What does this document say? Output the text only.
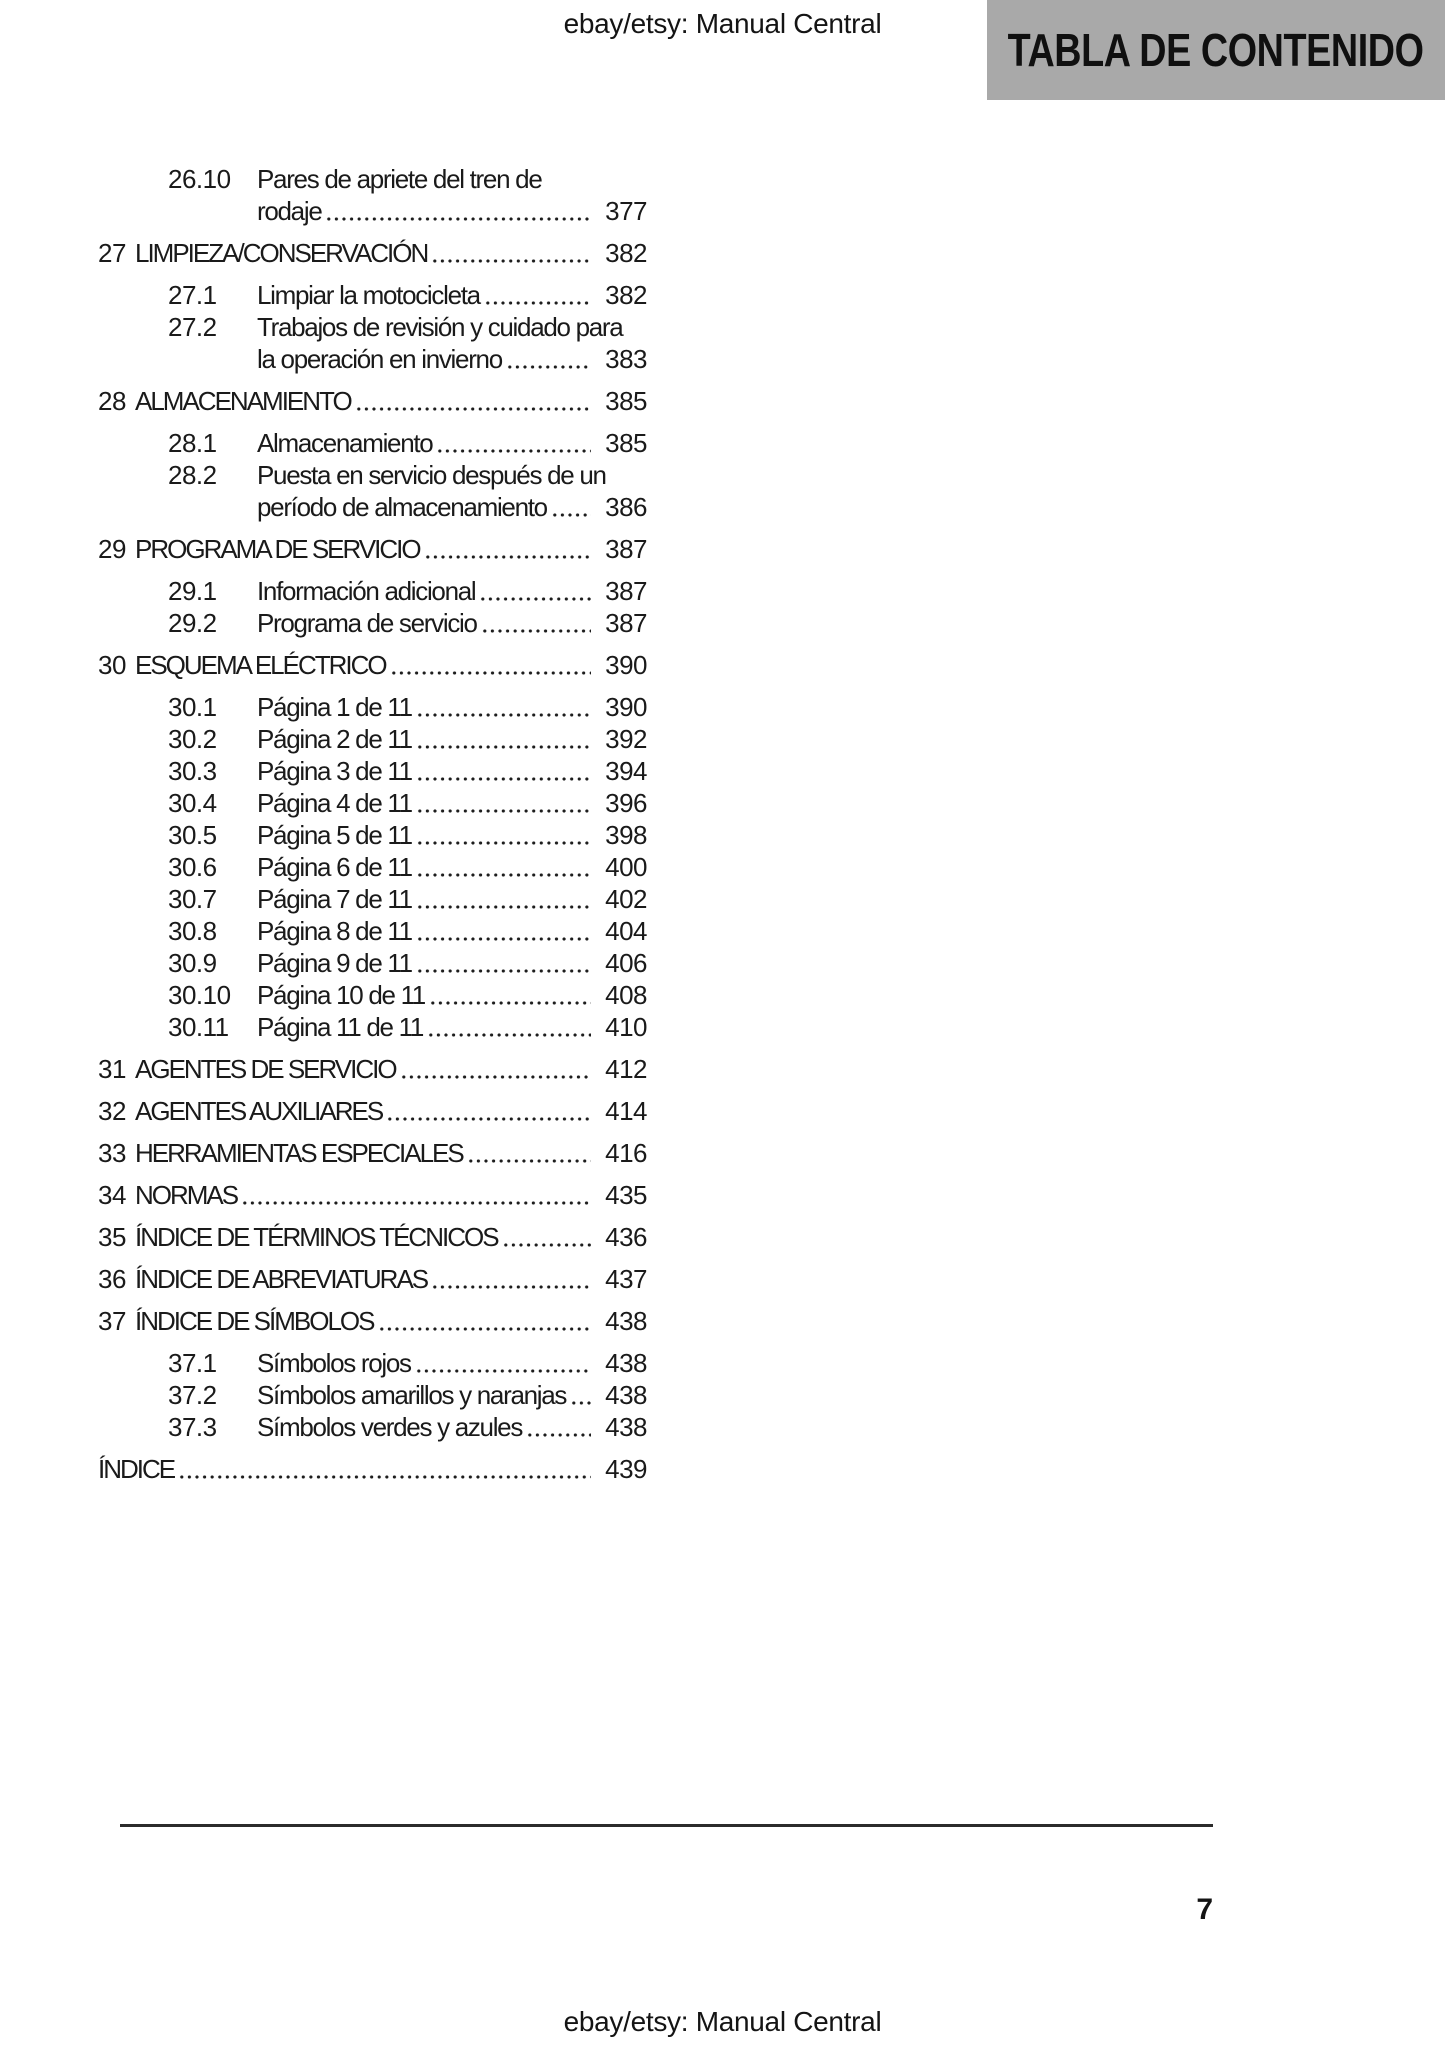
ebay/etsy: Manual Central
TABLA DE CONTENIDO
26.10	Pares de apriete del tren de
rodaje	377
27 LIMPIEZA/CONSERVACIÓN	382
27.1	Limpiar la motocicleta	382
27.2	Trabajos de revisión y cuidado para
la operación en invierno	383
28 ALMACENAMIENTO	385
28.1	Almacenamiento	385
28.2	Puesta en servicio después de un
período de almacenamiento 386
29 PROGRAMA DE SERVICIO	387
29.1	Información adicional	387
29.2	Programa de servicio	387
30 ESQUEMA ELÉCTRICO	390
30.1	Página 1 de 11	390
30.2	Página 2 de 11	392
30.3	Página 3 de 11	394
30.4	Página 4 de 11	396
30.5	Página 5 de 11	398
30.6	Página 6 de 11	400
30.7	Página 7 de 11	402
30.8	Página 8 de 11	404
30.9	Página 9 de 11	406
30.10	Página 10 de 11	408
30.11	Página 11 de 11	410
31 AGENTES DE SERVICIO	412
32 AGENTES AUXILIARES	414
33 HERRAMIENTAS ESPECIALES	416
34 NORMAS	435
35 ÍNDICE DE TÉRMINOS TÉCNICOS	436
36 ÍNDICE DE ABREVIATURAS	437
37 ÍNDICE DE SÍMBOLOS	438
37.1	Símbolos rojos	438
37.2	Símbolos amarillos y naranjas 438
37.3	Símbolos verdes y azules	438
ÍNDICE	439
7
ebay/etsy: Manual Central
